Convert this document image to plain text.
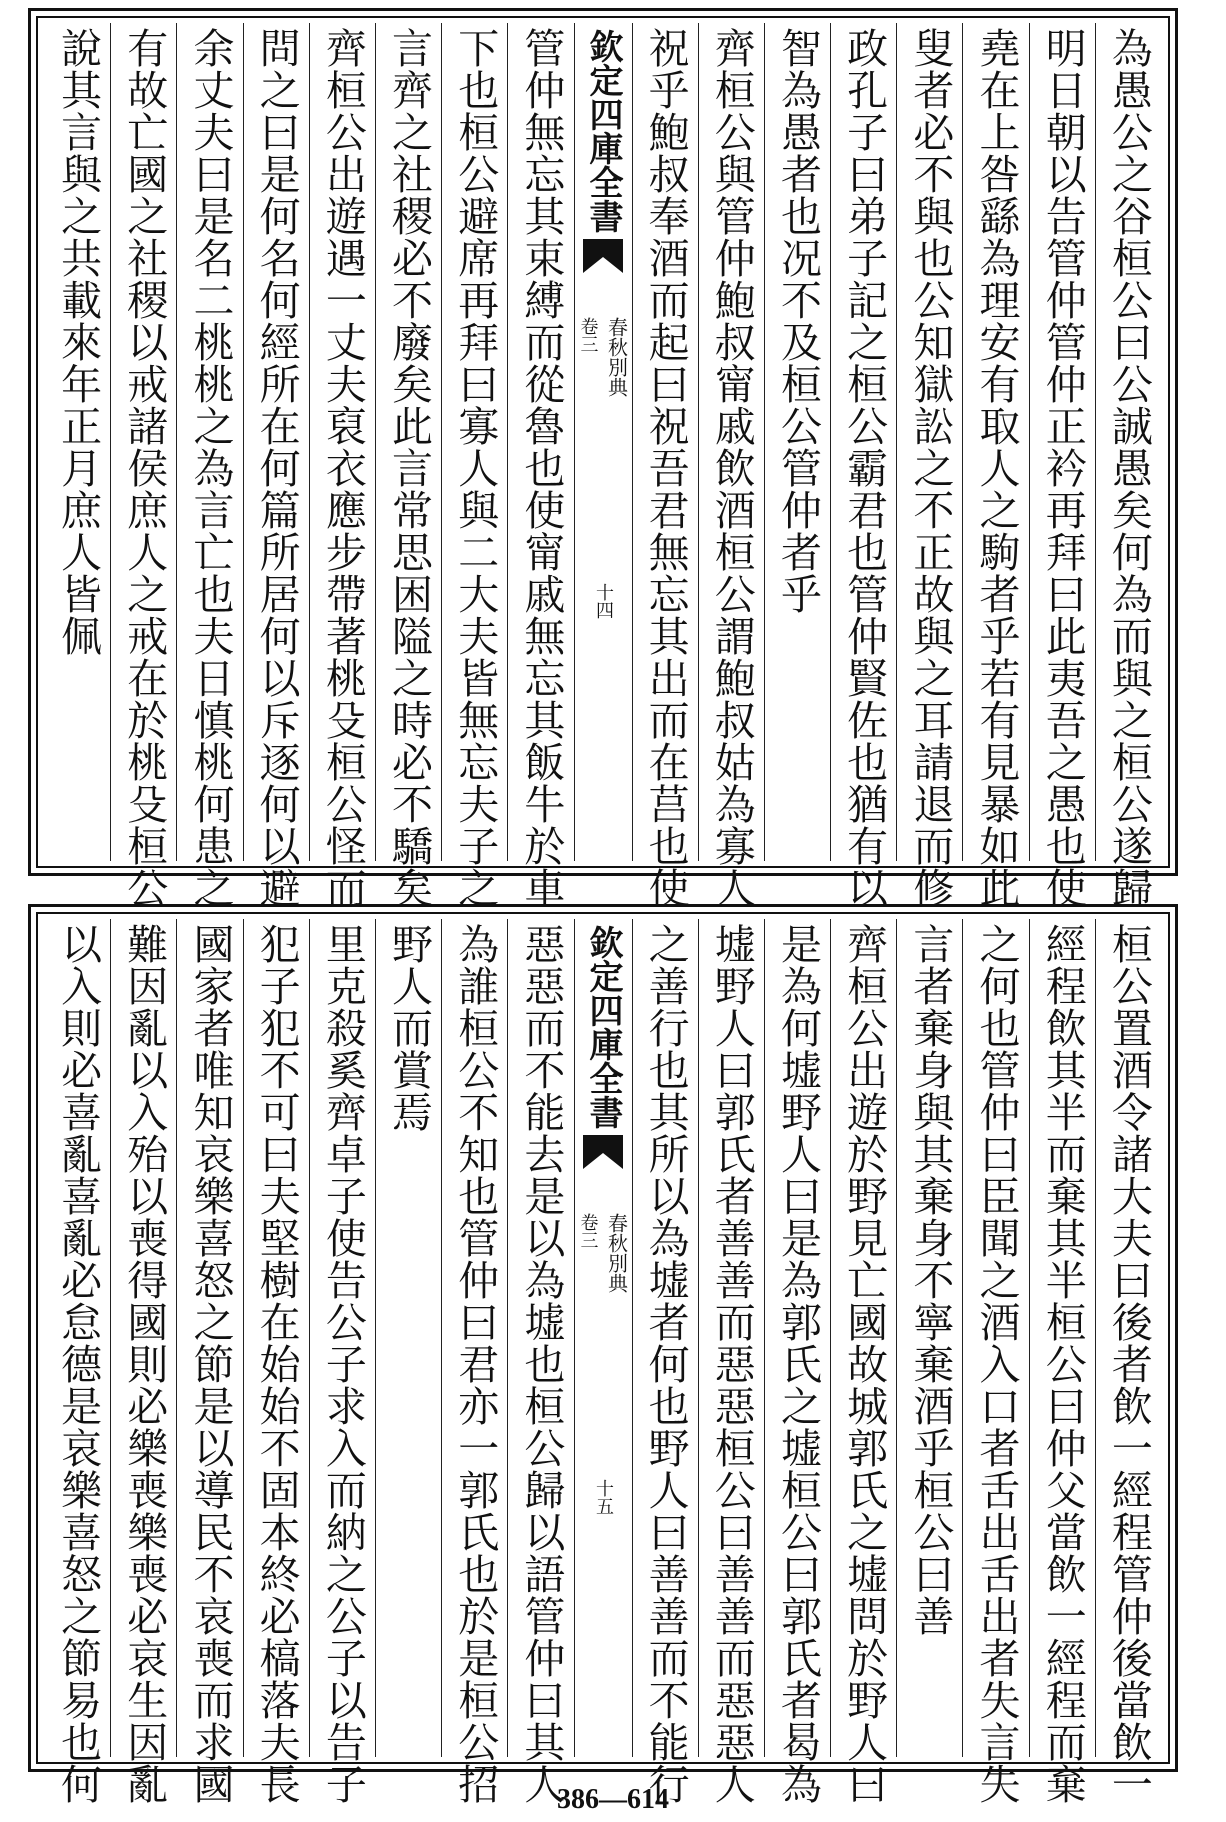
為愚公之谷桓公曰公誠愚矣何為而與之桓公遂歸
明日朝以告管仲管仲正衿再拜曰此夷吾之愚也使
堯在上咎繇為理安有取人之駒者乎若有見暴如此
叟者必不與也公知獄訟之不正故與之耳請退而修
政孔子曰弟子記之桓公霸君也管仲賢佐也猶有以
智為愚者也况不及桓公管仲者乎
齊桓公與管仲鮑叔甯戚飲酒桓公謂鮑叔姑為寡人
祝乎鮑叔奉酒而起曰祝吾君無忘其出而在莒也使
欽定四庫全書
春秋別典
卷三
十四
管仲無忘其束縛而從魯也使甯戚無忘其飯牛於車
下也桓公避席再拜曰寡人與二大夫皆無忘夫子之
言齊之社稷必不廢矣此言常思困隘之時必不驕矣
齊桓公出遊遇一丈夫裒衣應步帶著桃殳桓公怪而
問之曰是何名何經所在何篇所居何以斥逐何以避
余丈夫曰是名二桃桃之為言亡也夫日慎桃何患之
有故亡國之社稷以戒諸侯庶人之戒在於桃殳桓公
說其言與之共載來年正月庶人皆佩
桓公置酒令諸大夫曰後者飲一經程管仲後當飲一
經程飲其半而棄其半桓公曰仲父當飲一經程而棄
之何也管仲曰臣聞之酒入口者舌出舌出者失言失
言者棄身與其棄身不寧棄酒乎桓公曰善
齊桓公出遊於野見亡國故城郭氏之墟問於野人曰
是為何墟野人曰是為郭氏之墟桓公曰郭氏者曷為
墟野人曰郭氏者善善而惡惡桓公曰善善而惡惡人
之善行也其所以為墟者何也野人曰善善而不能行
欽定四庫全書
春秋別典
卷三
十五
惡惡而不能去是以為墟也桓公歸以語管仲曰其人
為誰桓公不知也管仲曰君亦一郭氏也於是桓公招
野人而賞焉
里克殺奚齊卓子使告公子求入而納之公子以告子
犯子犯不可曰夫堅樹在始始不固本終必槁落夫長
國家者唯知哀樂喜怒之節是以導民不哀喪而求國
難因亂以入殆以喪得國則必樂喪樂喪必哀生因亂
以入則必喜亂喜亂必怠德是哀樂喜怒之節易也何	386—614
